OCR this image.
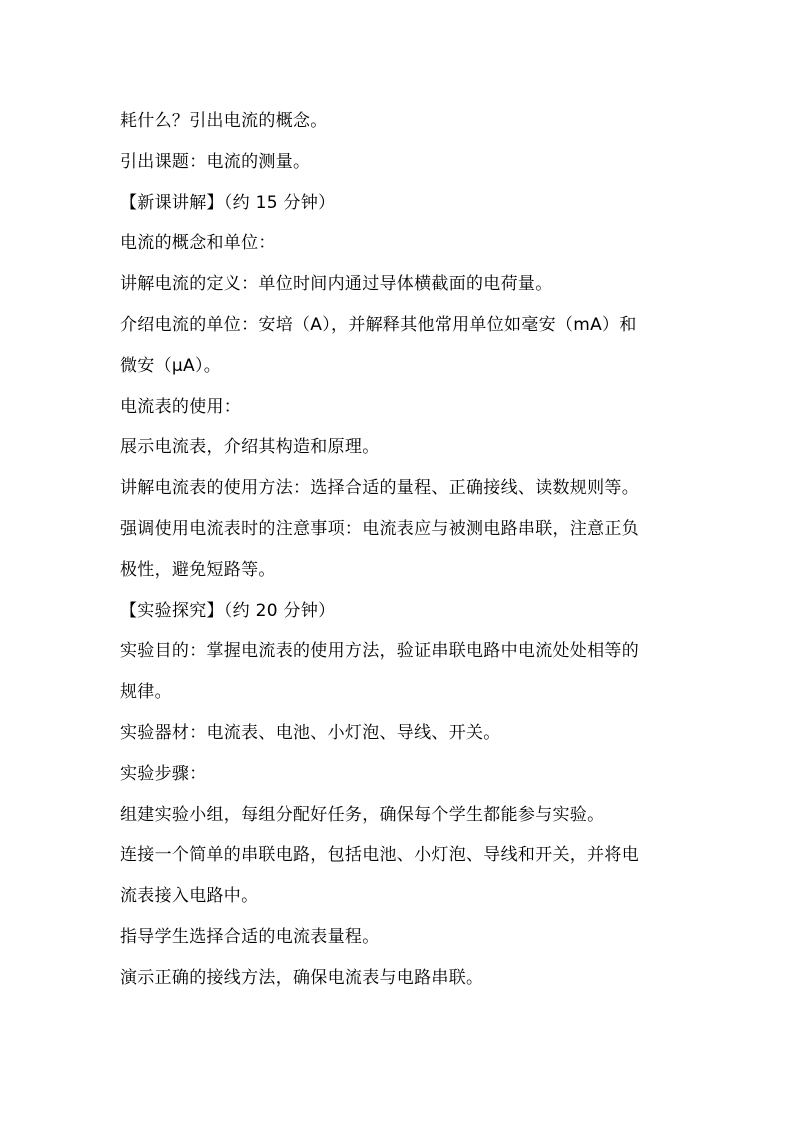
耗什么？引出电流的概念。
引出课题：电流的测量。
【新课讲解】（约 15 分钟）
电流的概念和单位：
讲解电流的定义：单位时间内通过导体横截面的电荷量。
介绍电流的单位：安培（A），并解释其他常用单位如毫安（mA）和
微安（μA）。
电流表的使用：
展示电流表，介绍其构造和原理。
讲解电流表的使用方法：选择合适的量程、正确接线、读数规则等。
强调使用电流表时的注意事项：电流表应与被测电路串联，注意正负
极性，避免短路等。
【实验探究】（约 20 分钟）
实验目的：掌握电流表的使用方法，验证串联电路中电流处处相等的
规律。
实验器材：电流表、电池、小灯泡、导线、开关。
实验步骤：
组建实验小组，每组分配好任务，确保每个学生都能参与实验。
连接一个简单的串联电路，包括电池、小灯泡、导线和开关，并将电
流表接入电路中。
指导学生选择合适的电流表量程。
演示正确的接线方法，确保电流表与电路串联。
